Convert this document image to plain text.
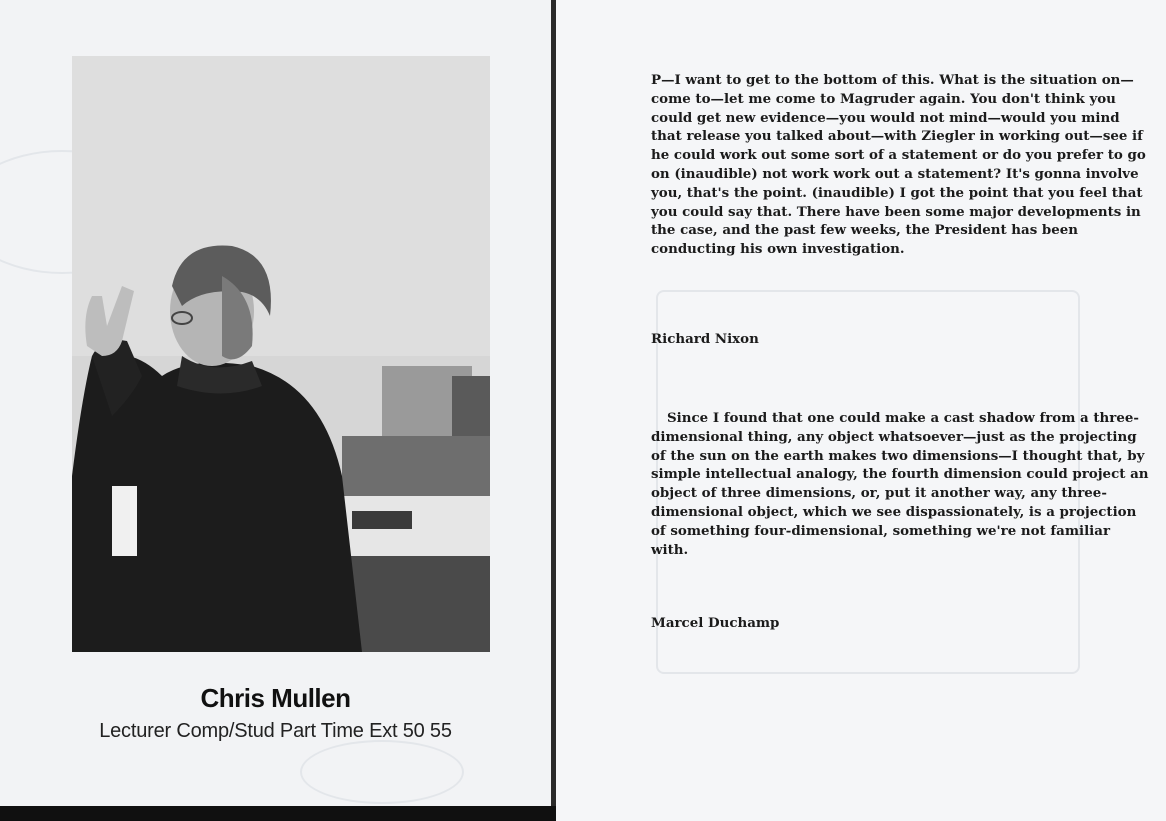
Chris Mullen
Lecturer Comp/Stud Part Time Ext 50 55
P—I want to get to the bottom of this. What is the situation on—come to—let me come to Magruder again. You don't think you could get new evidence—you would not mind—would you mind that release you talked about—with Ziegler in working out—see if he could work out some sort of a statement or do you prefer to go on (inaudible) not work work out a statement? It's gonna involve you, that's the point. (inaudible) I got the point that you feel that you could say that. There have been some major developments in the case, and the past few weeks, the President has been conducting his own investigation.
Richard Nixon
Since I found that one could make a cast shadow from a three-dimensional thing, any object whatsoever—just as the projecting of the sun on the earth makes two dimensions—I thought that, by simple intellectual analogy, the fourth dimension could project an object of three dimensions, or, put it another way, any three-dimensional object, which we see dispassionately, is a projection of something four-dimensional, something we're not familiar with.
Marcel Duchamp
